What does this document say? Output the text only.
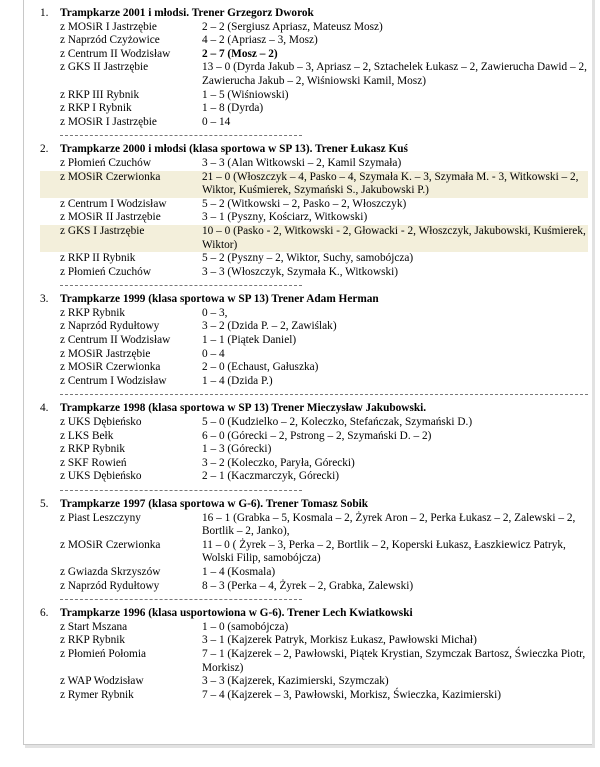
1.	Trampkarze 2001 i młodsi. Trener Grzegorz Dworok
z MOSiR I Jastrzębie	2 – 2 (Sergiusz Apriasz, Mateusz Mosz)
z Naprzód Czyżowice	4 – 2 (Apriasz – 3, Mosz)
z Centrum II Wodzisław	2 – 7 (Mosz – 2)
z GKS II Jastrzębie	13 – 0 (Dyrda Jakub – 3, Apriasz – 2, Sztachelek Łukasz – 2, Zawierucha Dawid – 2, Zawierucha Jakub – 2, Wiśniowski Kamil, Mosz)
z RKP III Rybnik	1 – 5 (Wiśniowski)
z RKP I Rybnik	1 – 8 (Dyrda)
z MOSiR I Jastrzębie	0 – 14
2.	Trampkarze 2000 i młodsi (klasa sportowa w SP 13). Trener Łukasz Kuś
z Płomień Czuchów	3 – 3 (Alan Witkowski – 2, Kamil Szymała)
z MOSiR Czerwionka	21 – 0 (Włoszczyk – 4, Pasko – 4, Szymała K. – 3, Szymała M. - 3, Witkowski – 2, Wiktor, Kuśmierek, Szymański S., Jakubowski P.)
z Centrum I Wodzisław	5 – 2 (Witkowski – 2, Pasko – 2, Włoszczyk)
z MOSiR II Jastrzębie	3 – 1 (Pyszny, Kościarz, Witkowski)
z GKS I Jastrzębie	10 – 0 (Pasko - 2, Witkowski - 2, Głowacki - 2, Włoszczyk, Jakubowski, Kuśmierek, Wiktor)
z RKP II Rybnik	5 – 2 (Pyszny – 2, Wiktor, Suchy, samobójcza)
z Płomień Czuchów	3 – 3 (Włoszczyk, Szymała K., Witkowski)
3.	Trampkarze 1999 (klasa sportowa w SP 13) Trener Adam Herman
z RKP Rybnik	0 – 3,
z Naprzód Rydułtowy	3 – 2 (Dzida P. – 2, Zawiślak)
z Centrum II Wodzisław	1 – 1 (Piątek Daniel)
z MOSiR Jastrzębie	0 – 4
z MOSiR Czerwionka	2 – 0 (Echaust, Gałuszka)
z Centrum I Wodzisław	1 – 4 (Dzida P.)
4.	Trampkarze 1998 (klasa sportowa w SP 13) Trener Mieczysław Jakubowski.
z UKS Dębieńsko	5 – 0 (Kudzielko – 2, Koleczko, Stefańczak, Szymański D.)
z LKS Bełk	6 – 0 (Górecki – 2, Pstrong – 2, Szymański D. – 2)
z RKP Rybnik	1 – 3 (Górecki)
z SKF Rowień	3 – 2 (Koleczko, Paryła, Górecki)
z UKS Dębieńsko	2 – 1 (Kaczmarczyk, Górecki)
5.	Trampkarze 1997 (klasa sportowa w G-6). Trener Tomasz Sobik
z Piast Leszczyny	16 – 1 (Grabka – 5, Kosmala – 2, Żyrek Aron – 2, Perka Łukasz – 2, Zalewski – 2, Bortlik – 2, Janko),
z MOSiR Czerwionka	11 – 0 ( Żyrek – 3, Perka – 2, Bortlik – 2, Koperski Łukasz, Łaszkiewicz Patryk, Wolski Filip, samobójcza)
z Gwiazda Skrzyszów	1 – 4 (Kosmala)
z Naprzód Rydułtowy	8 – 3 (Perka – 4, Żyrek – 2, Grabka, Zalewski)
6.	Trampkarze 1996 (klasa usportowiona w G-6). Trener Lech Kwiatkowski
z Start Mszana	1 – 0 (samobójcza)
z RKP Rybnik	3 – 1 (Kajzerek Patryk, Morkisz Łukasz, Pawłowski Michał)
z Płomień Połomia	7 – 1 (Kajzerek – 2, Pawłowski, Piątek Krystian, Szymczak Bartosz, Świeczka Piotr, Morkisz)
z WAP Wodzisław	3 – 3 (Kajzerek, Kazimierski, Szymczak)
z Rymer Rybnik	7 – 4 (Kajzerek – 3, Pawłowski, Morkisz, Świeczka, Kazimierski)
